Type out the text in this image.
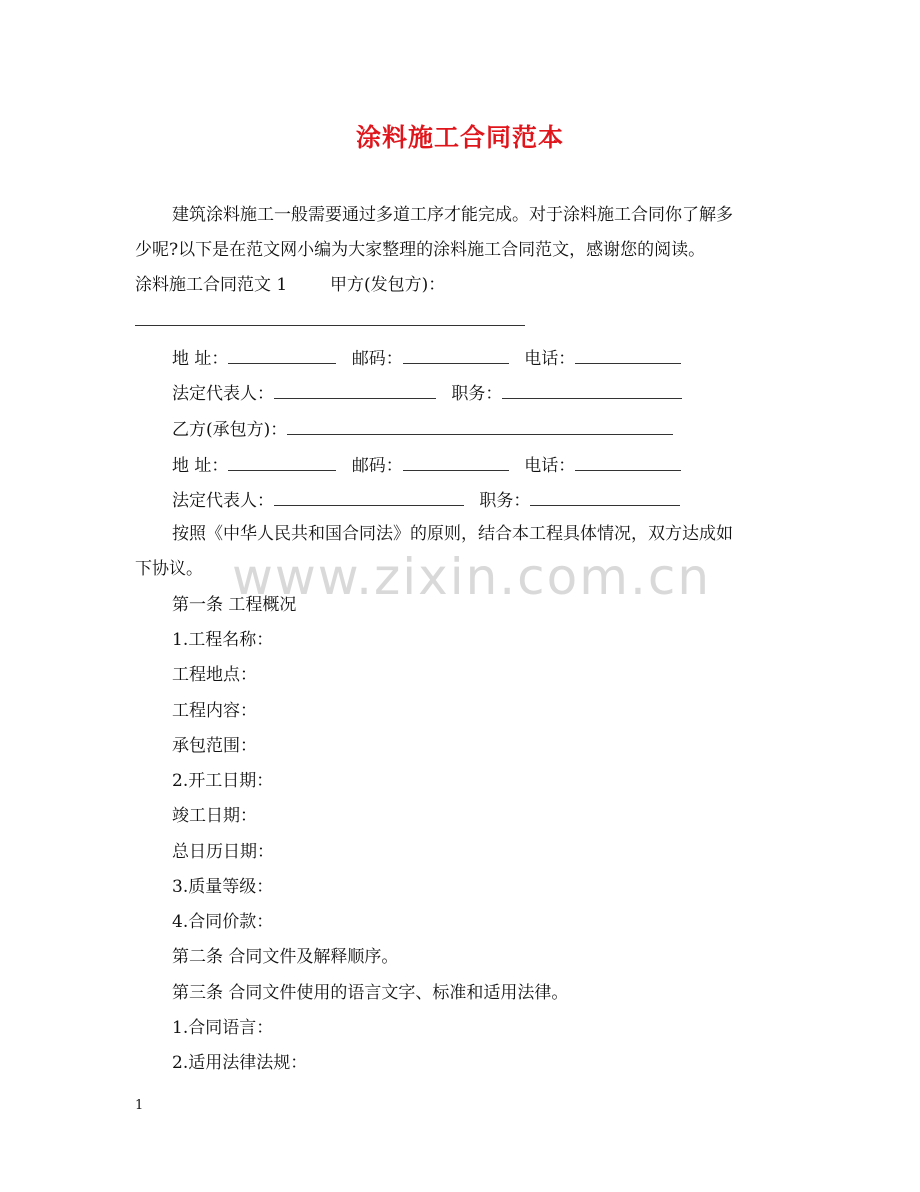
涂料施工合同范本
建筑涂料施工一般需要通过多道工序才能完成。对于涂料施工合同你了解多
少呢?以下是在范文网小编为大家整理的涂料施工合同范文，感谢您的阅读。
涂料施工合同范文 1	甲方(发包方)：
地 址：	邮码：	电话：
法定代表人：	职务：
乙方(承包方)：
地 址：	邮码：	电话：
法定代表人：	职务：
按照《中华人民共和国合同法》的原则，结合本工程具体情况，双方达成如
下协议。 www.zixin.com.cn
第一条 工程概况
1.工程名称：
工程地点：
工程内容：
承包范围：
2.开工日期：
竣工日期：
总日历日期：
3.质量等级：
4.合同价款：
第二条 合同文件及解释顺序。
第三条 合同文件使用的语言文字、标准和适用法律。
1.合同语言：
2.适用法律法规：
1
